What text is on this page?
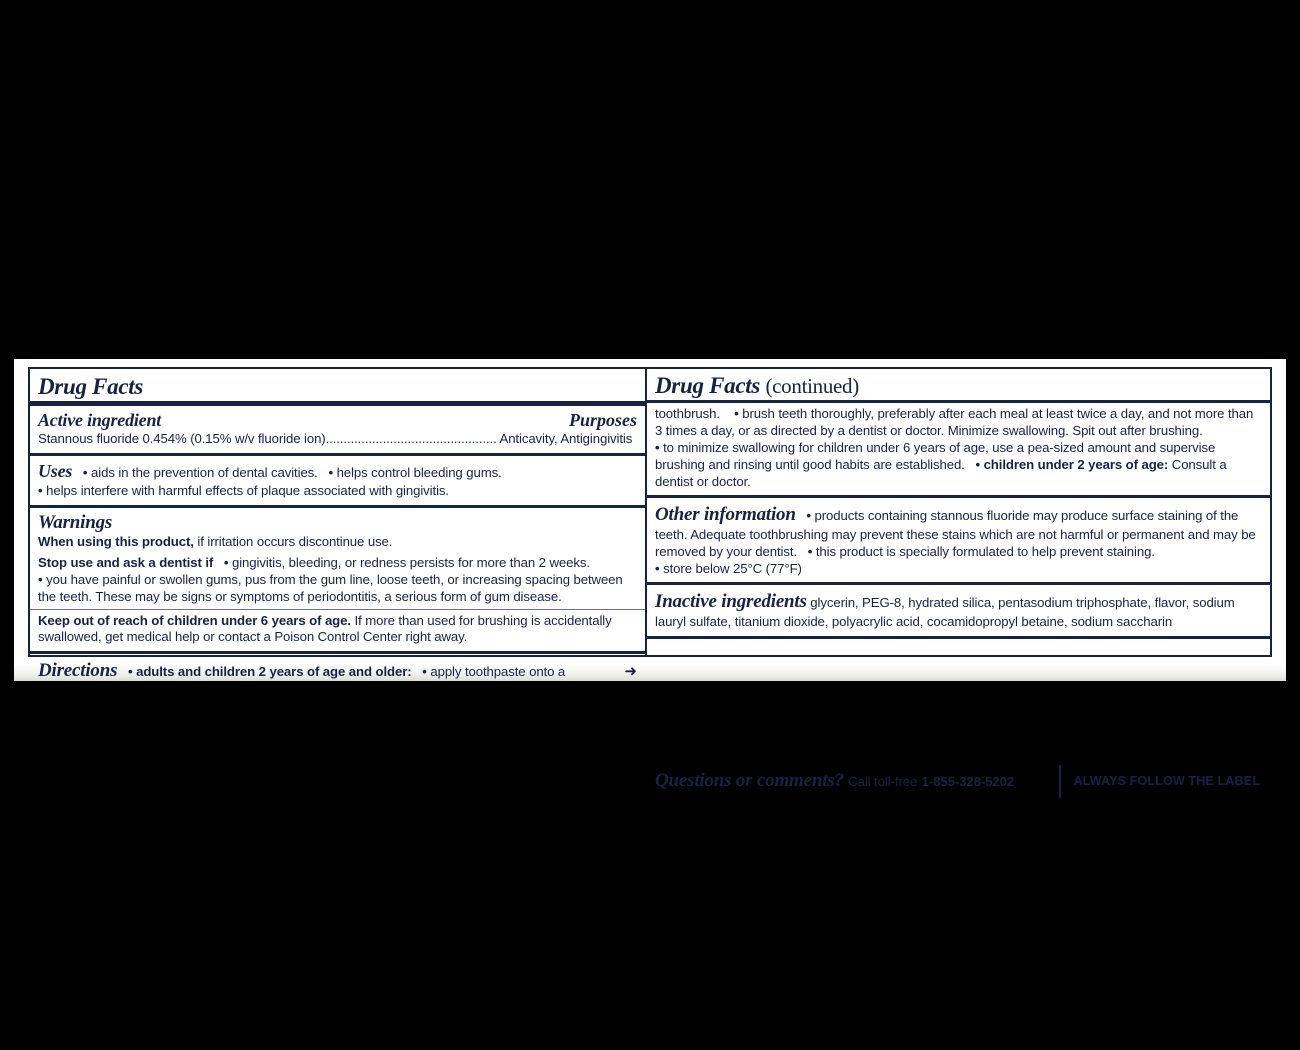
Drug Facts
Purposes
Active ingredient
Stannous fluoride 0.454% (0.15% w/v fluoride ion)................................................ Anticavity, Antigingivitis
Uses   • aids in the prevention of dental cavities.   • helps control bleeding gums.
• helps interfere with harmful effects of plaque associated with gingivitis.
Warnings
When using this product, if irritation occurs discontinue use.
Stop use and ask a dentist if   • gingivitis, bleeding, or redness persists for more than 2 weeks.
• you have painful or swollen gums, pus from the gum line, loose teeth, or increasing spacing between the teeth. These may be signs or symptoms of periodontitis, a serious form of gum disease.
Keep out of reach of children under 6 years of age. If more than used for brushing is accidentally swallowed, get medical help or contact a Poison Control Center right away.
Directions   • adults and children 2 years of age and older:   • apply toothpaste onto a	➜
Drug Facts (continued)
toothbrush.    • brush teeth thoroughly, preferably after each meal at least twice a day, and not more than 3 times a day, or as directed by a dentist or doctor. Minimize swallowing. Spit out after brushing.
• to minimize swallowing for children under 6 years of age, use a pea-sized amount and supervise brushing and rinsing until good habits are established.   • children under 2 years of age: Consult a dentist or doctor.
Other information   • products containing stannous fluoride may produce surface staining of the teeth. Adequate toothbrushing may prevent these stains which are not harmful or permanent and may be removed by your dentist.   • this product is specially formulated to help prevent staining.
• store below 25°C (77°F)
Inactive ingredients glycerin, PEG-8, hydrated silica, pentasodium triphosphate, flavor, sodium lauryl sulfate, titanium dioxide, polyacrylic acid, cocamidopropyl betaine, sodium saccharin
Questions or comments? Call toll-free 1-855-328-5202	ALWAYS FOLLOW THE LABEL
